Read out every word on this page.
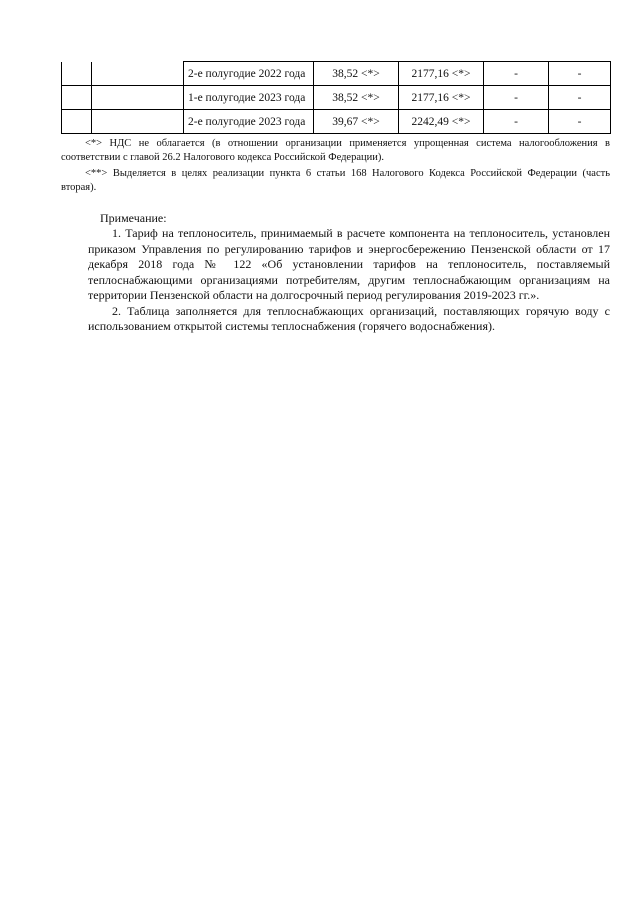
		2-е полугодие 2022 года	38,52 <*>	2177,16 <*>	-	-
		1-е полугодие 2023 года	38,52 <*>	2177,16 <*>	-	-
		2-е полугодие 2023 года	39,67 <*>	2242,49 <*>	-	-
<*> НДС не облагается (в отношении организации применяется упрощенная система налогообложения в соответствии с главой 26.2 Налогового кодекса Российской Федерации).
<**> Выделяется в целях реализации пункта 6 статьи 168 Налогового Кодекса Российской Федерации (часть вторая).
Примечание:

1. Тариф на теплоноситель, принимаемый в расчете компонента на теплоноситель, установлен приказом Управления по регулированию тарифов и энергосбережению Пензенской области от 17 декабря 2018 года № 122 «Об установлении тарифов на теплоноситель, поставляемый теплоснабжающими организациями потребителям, другим теплоснабжающим организациям на территории Пензенской области на долгосрочный период регулирования 2019-2023 гг.».

2. Таблица заполняется для теплоснабжающих организаций, поставляющих горячую воду с использованием открытой системы теплоснабжения (горячего водоснабжения).
